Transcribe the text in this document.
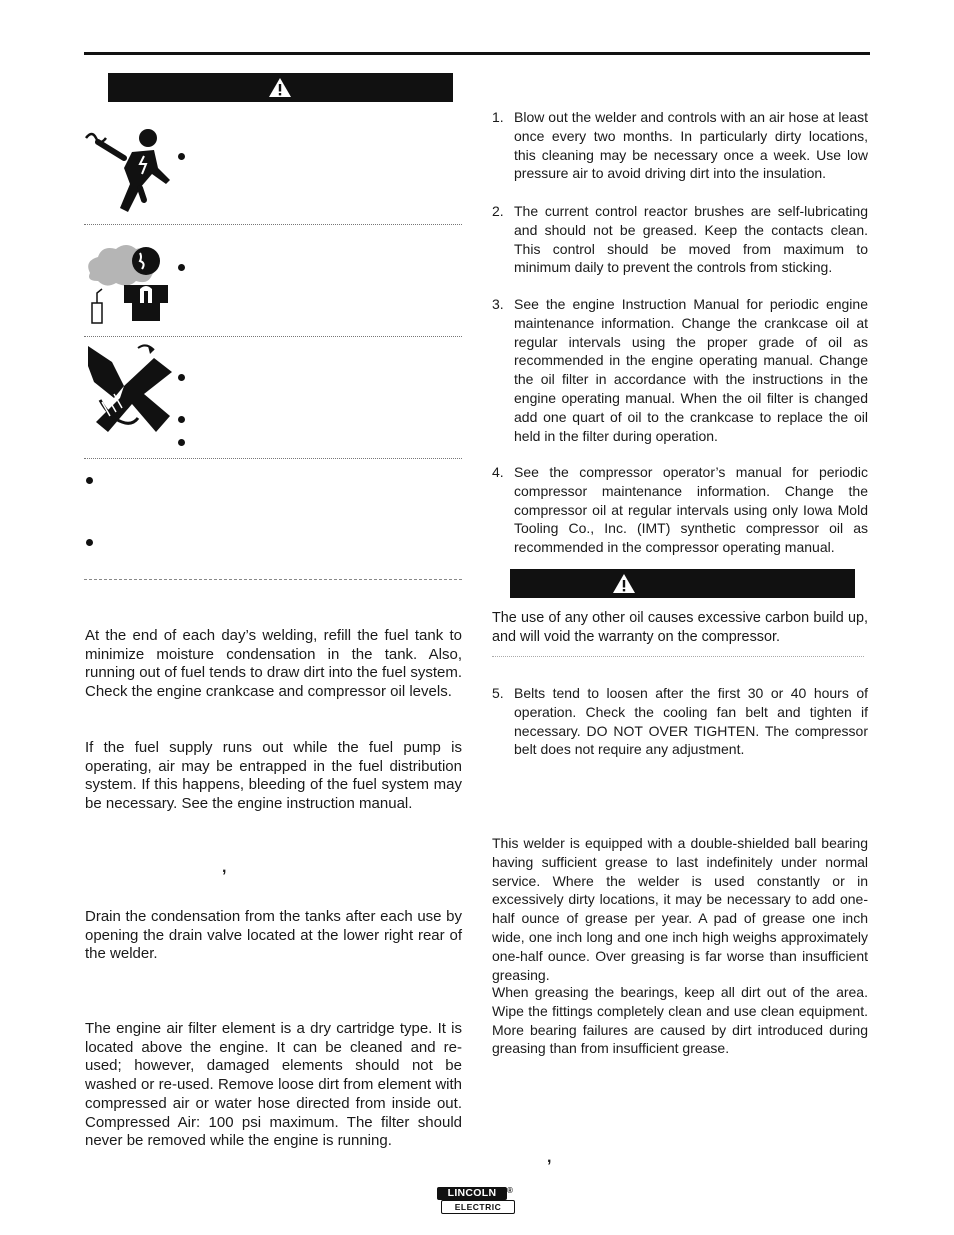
At the end of each day’s welding, refill the fuel tank to minimize moisture condensation in the tank. Also, running out of fuel tends to draw dirt into the fuel system. Check the engine crankcase and compressor oil levels.

If the fuel supply runs out while the fuel pump is operating, air may be entrapped in the fuel distribution system. If this happens, bleeding of the fuel system may be necessary. See the engine instruction manual.

,

Drain the condensation from the tanks after each use by opening the drain valve located at the lower right rear of the welder.

The engine air filter element is a dry cartridge type. It is located above the engine. It can be cleaned and re-used; however, damaged elements should not be washed or re-used. Remove loose dirt from element with compressed air or water hose directed from inside out. Compressed Air: 100 psi maximum. The filter should never be removed while the engine is running.

1. Blow out the welder and controls with an air hose at least once every two months. In particularly dirty locations, this cleaning may be necessary once a week. Use low pressure air to avoid driving dirt into the insulation.
2. The current control reactor brushes are self-lubricating and should not be greased. Keep the contacts clean. This control should be moved from maximum to minimum daily to prevent the controls from sticking.
3. See the engine Instruction Manual for periodic engine maintenance information. Change the crankcase oil at regular intervals using the proper grade of oil as recommended in the engine operating manual. Change the oil filter in accordance with the instructions in the engine operating manual. When the oil filter is changed add one quart of oil to the crankcase to replace the oil held in the filter during operation.
4. See the compressor operator’s manual for periodic compressor maintenance information. Change the compressor oil at regular intervals using only Iowa Mold Tooling Co., Inc. (IMT) synthetic compressor oil as recommended in the compressor operating manual.

The use of any other oil causes excessive carbon build up, and will void the warranty on the compressor.

5. Belts tend to loosen after the first 30 or 40 hours of operation. Check the cooling fan belt and tighten if necessary. DO NOT OVER TIGHTEN. The compressor belt does not require any adjustment.

This welder is equipped with a double-shielded ball bearing having sufficient grease to last indefinitely under normal service. Where the welder is used constantly or in excessively dirty locations, it may be necessary to add one-half ounce of grease per year. A pad of grease one inch wide, one inch long and one inch high weighs approximately one-half ounce. Over greasing is far worse than insufficient greasing.

When greasing the bearings, keep all dirt out of the area. Wipe the fittings completely clean and use clean equipment. More bearing failures are caused by dirt introduced during greasing than from insufficient grease.

,
LINCOLN	®
ELECTRIC
